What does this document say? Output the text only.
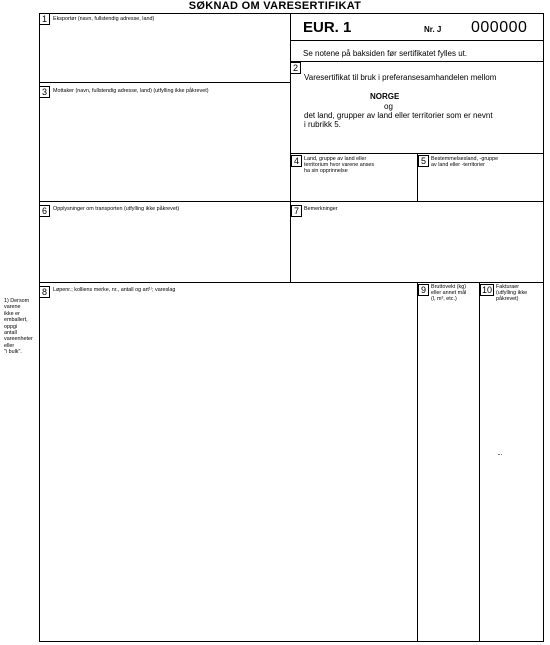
SØKNAD OM VARESERTIFIKAT
1	Eksportør (navn, fullstendig adresse, land)	EUR. 1	Nr. J 000000
Se notene på baksiden før sertifikatet fylles ut.
2
Varesertifikat til bruk i preferansesamhandelen mellom
NORGE
og
det land, grupper av land eller territorier som er nevnt
i rubrikk 5.
3	Mottaker (navn, fullstendig adresse, land) (utfylling ikke påkrevet)
4 Land, gruppe av land eller
territorium hvor varene anses
ha sin opprinnelse
5 Bestemmelsesland, -gruppe
av land eller -territorier
6	Opplysninger om transporten (utfylling ikke påkrevet)	7 Bemerkninger
8	Løpenr.; kolliens merke, nr., antall og art¹⁾; vareslag	9 Bruttovekt (kg)
eller annet mål
(l, m³, etc.)
10 Fakturaer
(utfylling ikke
påkrevet)
1) Dersom
varene
ikke er
emballert,
oppgi
antall
vareenheter
eller
"i bulk".
